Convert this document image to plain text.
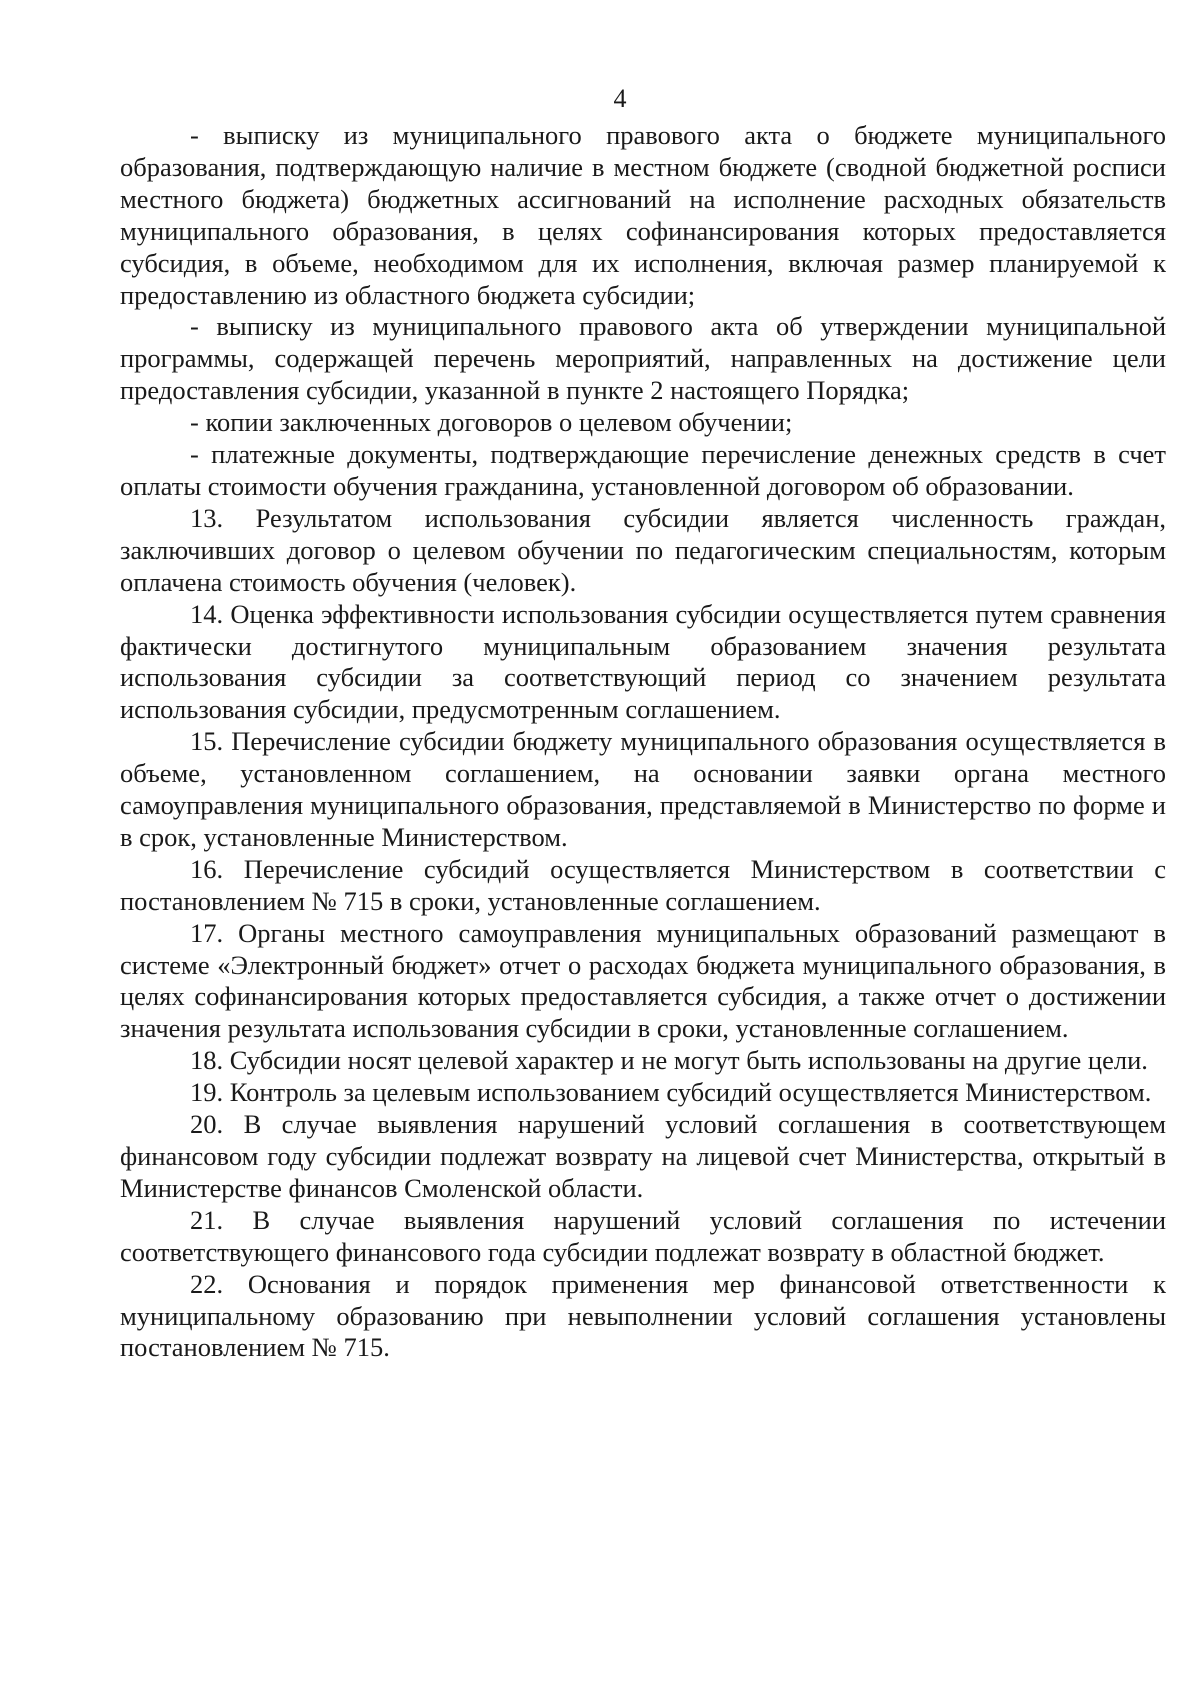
4

- выписку из муниципального правового акта о бюджете муниципального образования, подтверждающую наличие в местном бюджете (сводной бюджетной росписи местного бюджета) бюджетных ассигнований на исполнение расходных обязательств муниципального образования, в целях софинансирования которых предоставляется субсидия, в объеме, необходимом для их исполнения, включая размер планируемой к предоставлению из областного бюджета субсидии;

- выписку из муниципального правового акта об утверждении муниципальной программы, содержащей перечень мероприятий, направленных на достижение цели предоставления субсидии, указанной в пункте 2 настоящего Порядка;

- копии заключенных договоров о целевом обучении;

- платежные документы, подтверждающие перечисление денежных средств в счет оплаты стоимости обучения гражданина, установленной договором об образовании.

13. Результатом использования субсидии является численность граждан, заключивших договор о целевом обучении по педагогическим специальностям, которым оплачена стоимость обучения (человек).

14. Оценка эффективности использования субсидии осуществляется путем сравнения фактически достигнутого муниципальным образованием значения результата использования субсидии за соответствующий период со значением результата использования субсидии, предусмотренным соглашением.

15. Перечисление субсидии бюджету муниципального образования осуществляется в объеме, установленном соглашением, на основании заявки органа местного самоуправления муниципального образования, представляемой в Министерство по форме и в срок, установленные Министерством.

16. Перечисление субсидий осуществляется Министерством в соответствии с постановлением № 715 в сроки, установленные соглашением.

17. Органы местного самоуправления муниципальных образований размещают в системе «Электронный бюджет» отчет о расходах бюджета муниципального образования, в целях софинансирования которых предоставляется субсидия, а также отчет о достижении значения результата использования субсидии в сроки, установленные соглашением.

18. Субсидии носят целевой характер и не могут быть использованы на другие цели.

19. Контроль за целевым использованием субсидий осуществляется Министерством.

20. В случае выявления нарушений условий соглашения в соответствующем финансовом году субсидии подлежат возврату на лицевой счет Министерства, открытый в Министерстве финансов Смоленской области.

21. В случае выявления нарушений условий соглашения по истечении соответствующего финансового года субсидии подлежат возврату в областной бюджет.

22. Основания и порядок применения мер финансовой ответственности к муниципальному образованию при невыполнении условий соглашения установлены постановлением № 715.
